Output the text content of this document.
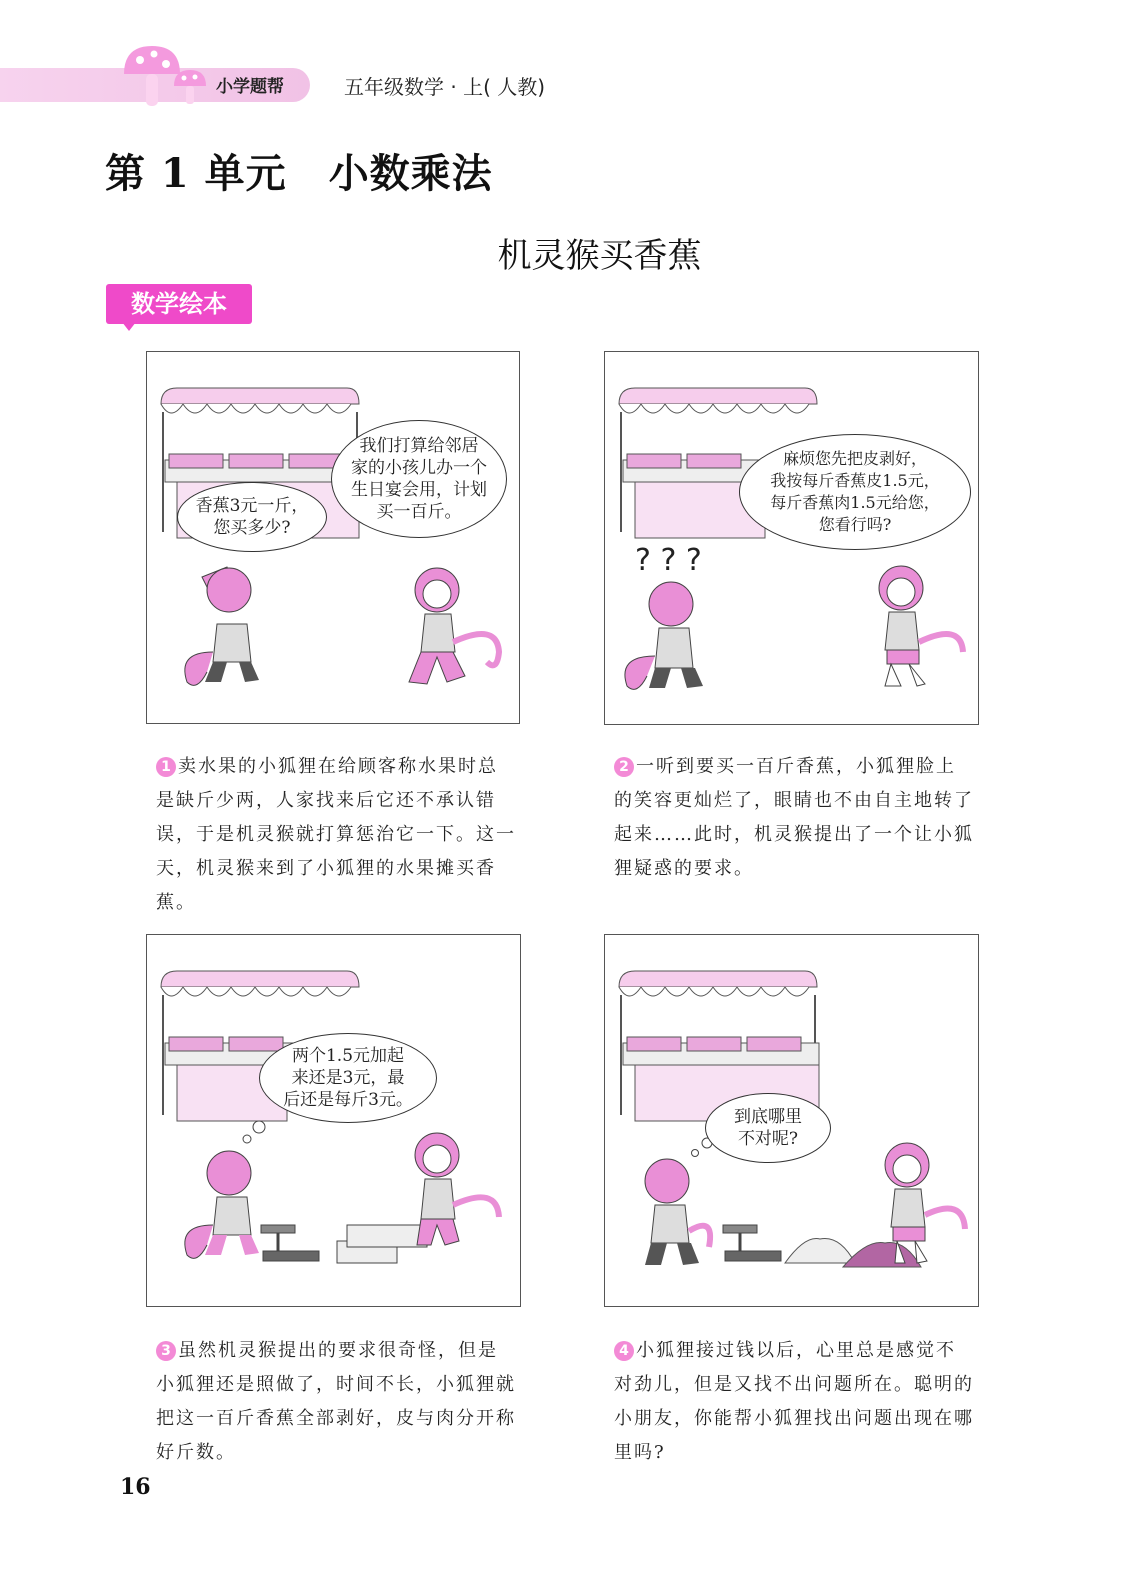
小学题帮	五年级数学 · 上( 人教)
第 1 单元 小数乘法
机灵猴买香蕉
数学绘本
香蕉3元一斤，
您买多少?
我们打算给邻居
家的小孩儿办一个
生日宴会用，计划
买一百斤。
? ? ?
麻烦您先把皮剥好，
我按每斤香蕉皮1.5元，
每斤香蕉肉1.5元给您，
您看行吗?
1 卖水果的小狐狸在给顾客称水果时总是缺斤少两，人家找来后它还不承认错误，于是机灵猴就打算惩治它一下。这一天，机灵猴来到了小狐狸的水果摊买香蕉。
2 一听到要买一百斤香蕉，小狐狸脸上的笑容更灿烂了，眼睛也不由自主地转了起来……此时，机灵猴提出了一个让小狐狸疑惑的要求。
两个1.5元加起
来还是3元，最
后还是每斤3元。
到底哪里
不对呢?
3 虽然机灵猴提出的要求很奇怪，但是小狐狸还是照做了，时间不长，小狐狸就把这一百斤香蕉全部剥好，皮与肉分开称好斤数。
4 小狐狸接过钱以后，心里总是感觉不对劲儿，但是又找不出问题所在。聪明的小朋友，你能帮小狐狸找出问题出现在哪里吗?
16
